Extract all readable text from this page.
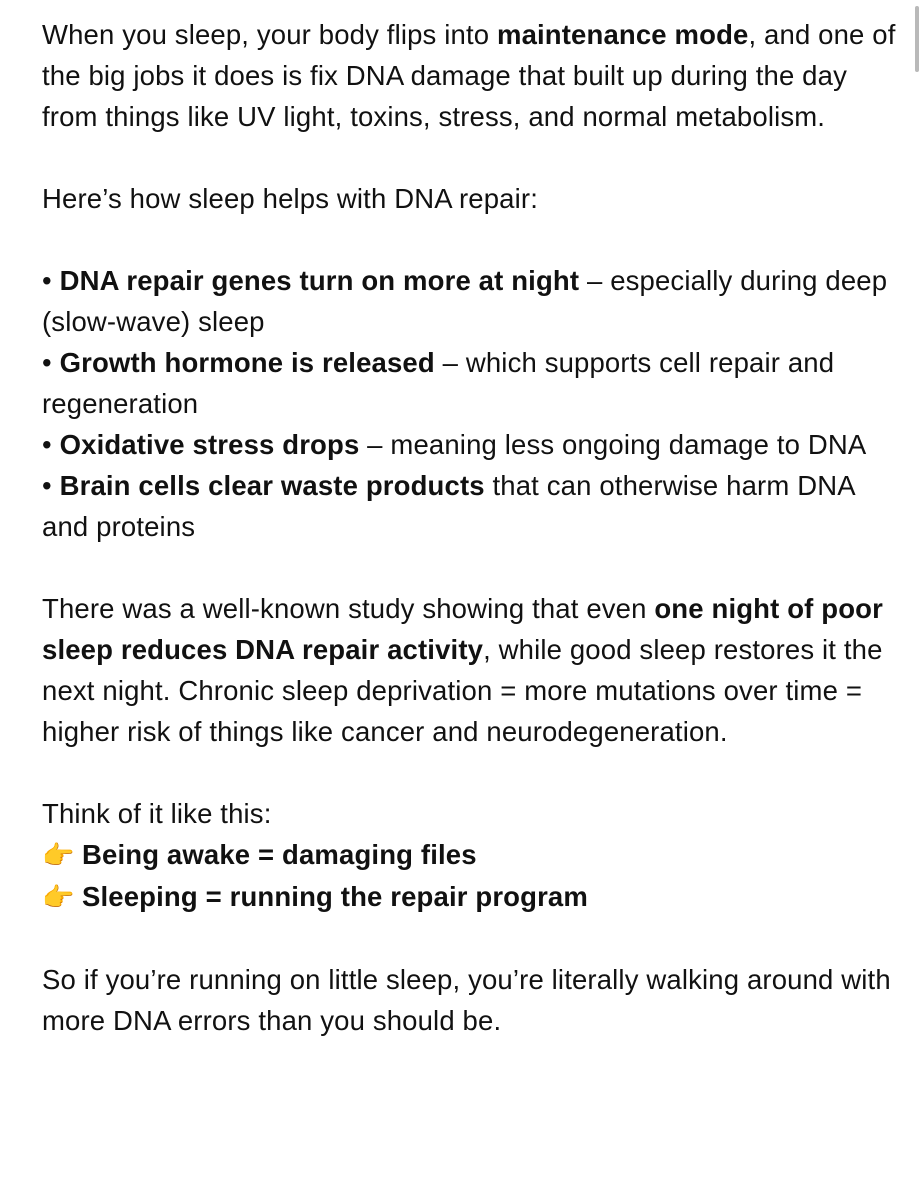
When you sleep, your body flips into maintenance mode, and one of the big jobs it does is fix DNA damage that built up during the day from things like UV light, toxins, stress, and normal metabolism.

Here’s how sleep helps with DNA repair:

• DNA repair genes turn on more at night – especially during deep (slow-wave) sleep

• Growth hormone is released – which supports cell repair and regeneration

• Oxidative stress drops – meaning less ongoing damage to DNA

• Brain cells clear waste products that can otherwise harm DNA and proteins

There was a well-known study showing that even one night of poor sleep reduces DNA repair activity, while good sleep restores it the next night. Chronic sleep deprivation = more mutations over time = higher risk of things like cancer and neurodegeneration.

Think of it like this:

👉 Being awake = damaging files

👉 Sleeping = running the repair program

So if you’re running on little sleep, you’re literally walking around with more DNA errors than you should be.
